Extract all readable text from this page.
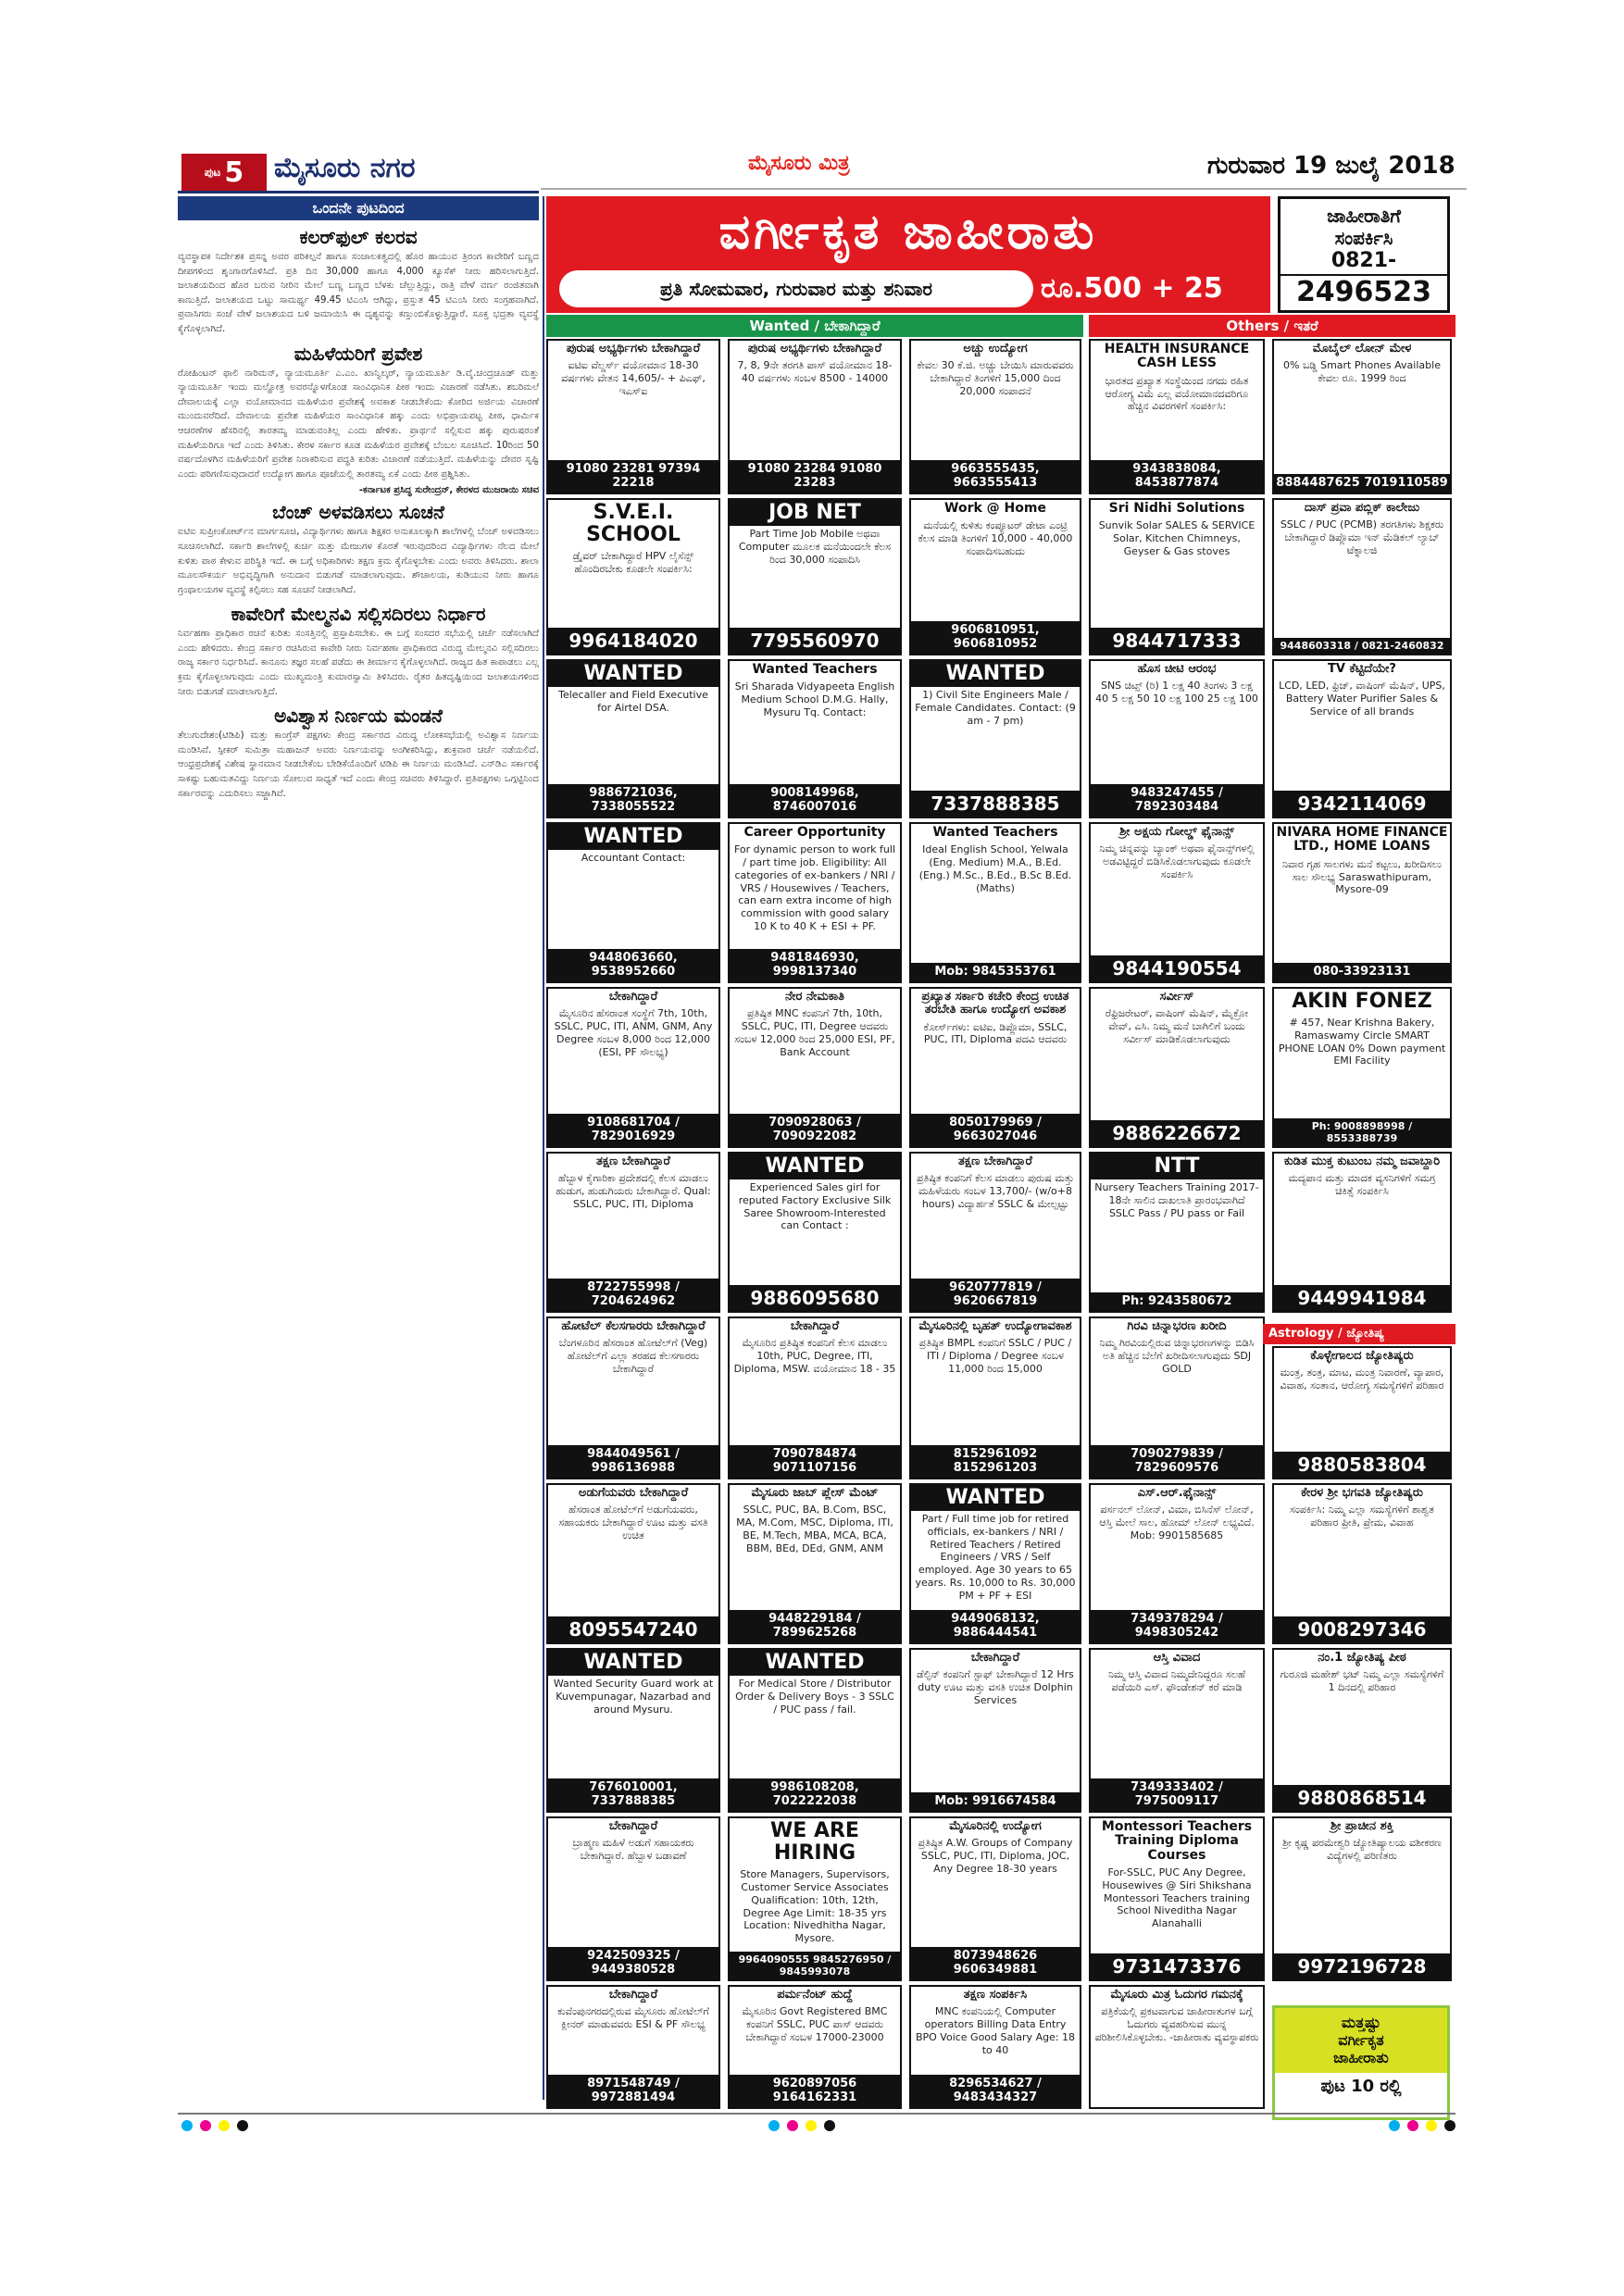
ಪುಟ 5 ಮೈಸೂರು ನಗರ	ಮೈಸೂರು ಮಿತ್ರ	ಗುರುವಾರ 19 ಜುಲೈ 2018
ಒಂದನೇ ಪುಟದಿಂದ
ಕಲರ್‌ಫುಲ್ ಕಲರವ
ವ್ಯವಸ್ಥಾಪಕ ನಿರ್ದೇಶಕ ಪ್ರಸನ್ನ ಅವರ ಪರಿಕಲ್ಪನೆ ಹಾಗೂ ಸಂಚಾಲಕತ್ವದಲ್ಲಿ ಹೊರ ಹಾಯುವ ತ್ರಿರಂಗ ಕಾವೇರಿಗೆ ಬಣ್ಣದ ದೀಪಗಳಿಂದ ಶೃಂಗಾರಗೊಳಿಸಿದೆ. ಪ್ರತಿ ದಿನ 30,000 ಹಾಗೂ 4,000 ಕ್ಯೂಸೆಕ್ ನೀರು ಹರಿಸಲಾಗುತ್ತಿದೆ. ಜಲಾಶಯದಿಂದ ಹೊರ ಬರುವ ನೀರಿನ ಮೇಲೆ ಬಣ್ಣ ಬಣ್ಣದ ಬೆಳಕು ಚೆಲ್ಲುತ್ತಿದ್ದು, ರಾತ್ರಿ ವೇಳೆ ವರ್ಣ ರಂಜಿತವಾಗಿ ಕಾಣುತ್ತಿದೆ. ಜಲಾಶಯದ ಒಟ್ಟು ಸಾಮರ್ಥ್ಯ 49.45 ಟಿಎಂಸಿ ಆಗಿದ್ದು, ಪ್ರಸ್ತುತ 45 ಟಿಎಂಸಿ ನೀರು ಸಂಗ್ರಹವಾಗಿದೆ. ಪ್ರವಾಸಿಗರು ಸಂಜೆ ವೇಳೆ ಜಲಾಶಯದ ಬಳಿ ಜಮಾಯಿಸಿ ಈ ದೃಶ್ಯವನ್ನು ಕಣ್ತುಂಬಿಕೊಳ್ಳುತ್ತಿದ್ದಾರೆ. ಸೂಕ್ತ ಭದ್ರತಾ ವ್ಯವಸ್ಥೆ ಕೈಗೊಳ್ಳಲಾಗಿದೆ.
ಮಹಿಳೆಯರಿಗೆ ಪ್ರವೇಶ
ರೋಹಿಂಟನ್ ಫಾಲಿ ನಾರಿಮನ್, ನ್ಯಾಯಮೂರ್ತಿ ಎ.ಎಂ. ಖಾನ್ವಿಲ್ಕರ್, ನ್ಯಾಯಮೂರ್ತಿ ಡಿ.ವೈ.ಚಂದ್ರಚೂಡ್ ಮತ್ತು ನ್ಯಾಯಮೂರ್ತಿ ಇಂದು ಮಲ್ಹೋತ್ರ ಅವರನ್ನೊಳಗೊಂಡ ಸಾಂವಿಧಾನಿಕ ಪೀಠ ಇಂದು ವಿಚಾರಣೆ ನಡೆಸಿತು. ಶಬರಿಮಲೆ ದೇವಾಲಯಕ್ಕೆ ಎಲ್ಲಾ ವಯೋಮಾನದ ಮಹಿಳೆಯರ ಪ್ರವೇಶಕ್ಕೆ ಅವಕಾಶ ನೀಡಬೇಕೆಂದು ಕೋರಿದ ಅರ್ಜಿಯ ವಿಚಾರಣೆ ಮುಂದುವರೆದಿದೆ. ದೇವಾಲಯ ಪ್ರವೇಶ ಮಹಿಳೆಯರ ಸಾಂವಿಧಾನಿಕ ಹಕ್ಕು ಎಂದು ಅಭಿಪ್ರಾಯಪಟ್ಟ ಪೀಠ, ಧಾರ್ಮಿಕ ಆಚರಣೆಗಳ ಹೆಸರಿನಲ್ಲಿ ತಾರತಮ್ಯ ಮಾಡುವಂತಿಲ್ಲ ಎಂದು ಹೇಳಿತು. ಪ್ರಾರ್ಥನೆ ಸಲ್ಲಿಸುವ ಹಕ್ಕು ಪುರುಷರಂತೆ ಮಹಿಳೆಯರಿಗೂ ಇದೆ ಎಂದು ತಿಳಿಸಿತು. ಕೇರಳ ಸರ್ಕಾರ ಕೂಡ ಮಹಿಳೆಯರ ಪ್ರವೇಶಕ್ಕೆ ಬೆಂಬಲ ಸೂಚಿಸಿದೆ. 10ರಿಂದ 50 ವರ್ಷದೊಳಗಿನ ಮಹಿಳೆಯರಿಗೆ ಪ್ರವೇಶ ನಿರಾಕರಿಸುವ ಪದ್ಧತಿ ಕುರಿತು ವಿಚಾರಣೆ ನಡೆಯುತ್ತಿದೆ. ಮಹಿಳೆಯನ್ನು ದೇವರ ಸೃಷ್ಟಿ ಎಂದು ಪರಿಗಣಿಸುವುದಾದರೆ ಉದ್ಯೋಗ ಹಾಗೂ ಪೂಜೆಯಲ್ಲಿ ತಾರತಮ್ಯ ಏಕೆ ಎಂದು ಪೀಠ ಪ್ರಶ್ನಿಸಿತು.
-ಕರ್ನಾಟಕ ಪ್ರಸಿದ್ಧ ಸುರೇಂದ್ರನ್, ಕೇರಳದ ಮುಜರಾಯಿ ಸಚಿವ
ಬೆಂಚ್ ಅಳವಡಿಸಲು ಸೂಚನೆ
ಐಟಿಐ ಸುಪ್ರೀಂಕೋರ್ಟ್‌ನ ಮಾರ್ಗಸೂಚಿ, ವಿದ್ಯಾರ್ಥಿಗಳು ಹಾಗೂ ಶಿಕ್ಷಕರ ಅನುಕೂಲಕ್ಕಾಗಿ ಶಾಲೆಗಳಲ್ಲಿ ಬೆಂಚ್ ಅಳವಡಿಸಲು ಸೂಚಿಸಲಾಗಿದೆ. ಸರ್ಕಾರಿ ಶಾಲೆಗಳಲ್ಲಿ ಕುರ್ಚಿ ಮತ್ತು ಮೇಜುಗಳ ಕೊರತೆ ಇರುವುದರಿಂದ ವಿದ್ಯಾರ್ಥಿಗಳು ನೆಲದ ಮೇಲೆ ಕುಳಿತು ಪಾಠ ಕೇಳುವ ಪರಿಸ್ಥಿತಿ ಇದೆ. ಈ ಬಗ್ಗೆ ಅಧಿಕಾರಿಗಳು ತಕ್ಷಣ ಕ್ರಮ ಕೈಗೊಳ್ಳಬೇಕು ಎಂದು ಅವರು ತಿಳಿಸಿದರು. ಶಾಲಾ ಮೂಲಸೌಕರ್ಯ ಅಭಿವೃದ್ಧಿಗಾಗಿ ಅನುದಾನ ಬಿಡುಗಡೆ ಮಾಡಲಾಗುವುದು. ಶೌಚಾಲಯ, ಕುಡಿಯುವ ನೀರು ಹಾಗೂ ಗ್ರಂಥಾಲಯಗಳ ವ್ಯವಸ್ಥೆ ಕಲ್ಪಿಸಲು ಸಹ ಸೂಚನೆ ನೀಡಲಾಗಿದೆ.
ಕಾವೇರಿಗೆ ಮೇಲ್ಮನವಿ ಸಲ್ಲಿಸದಿರಲು ನಿರ್ಧಾರ
ನಿರ್ವಹಣಾ ಪ್ರಾಧಿಕಾರ ರಚನೆ ಕುರಿತು ಸಂಸತ್ತಿನಲ್ಲಿ ಪ್ರಸ್ತಾಪಿಸಬೇಕು. ಈ ಬಗ್ಗೆ ಸಂಸದರ ಸಭೆಯಲ್ಲಿ ಚರ್ಚೆ ನಡೆಸಲಾಗಿದೆ ಎಂದು ಹೇಳಿದರು. ಕೇಂದ್ರ ಸರ್ಕಾರ ರಚಿಸಿರುವ ಕಾವೇರಿ ನೀರು ನಿರ್ವಹಣಾ ಪ್ರಾಧಿಕಾರದ ವಿರುದ್ಧ ಮೇಲ್ಮನವಿ ಸಲ್ಲಿಸದಿರಲು ರಾಜ್ಯ ಸರ್ಕಾರ ನಿರ್ಧರಿಸಿದೆ. ಕಾನೂನು ತಜ್ಞರ ಸಲಹೆ ಪಡೆದು ಈ ತೀರ್ಮಾನ ಕೈಗೊಳ್ಳಲಾಗಿದೆ. ರಾಜ್ಯದ ಹಿತ ಕಾಪಾಡಲು ಎಲ್ಲ ಕ್ರಮ ಕೈಗೊಳ್ಳಲಾಗುವುದು ಎಂದು ಮುಖ್ಯಮಂತ್ರಿ ಕುಮಾರಸ್ವಾಮಿ ತಿಳಿಸಿದರು. ರೈತರ ಹಿತದೃಷ್ಟಿಯಿಂದ ಜಲಾಶಯಗಳಿಂದ ನೀರು ಬಿಡುಗಡೆ ಮಾಡಲಾಗುತ್ತಿದೆ.
ಅವಿಶ್ವಾಸ ನಿರ್ಣಯ ಮಂಡನೆ
ತೆಲುಗುದೇಶಂ(ಟಿಡಿಪಿ) ಮತ್ತು ಕಾಂಗ್ರೆಸ್ ಪಕ್ಷಗಳು ಕೇಂದ್ರ ಸರ್ಕಾರದ ವಿರುದ್ಧ ಲೋಕಸಭೆಯಲ್ಲಿ ಅವಿಶ್ವಾಸ ನಿರ್ಣಯ ಮಂಡಿಸಿವೆ. ಸ್ಪೀಕರ್ ಸುಮಿತ್ರಾ ಮಹಾಜನ್ ಅವರು ನಿರ್ಣಯವನ್ನು ಅಂಗೀಕರಿಸಿದ್ದು, ಶುಕ್ರವಾರ ಚರ್ಚೆ ನಡೆಯಲಿದೆ. ಆಂಧ್ರಪ್ರದೇಶಕ್ಕೆ ವಿಶೇಷ ಸ್ಥಾನಮಾನ ನೀಡಬೇಕೆಂಬ ಬೇಡಿಕೆಯೊಂದಿಗೆ ಟಿಡಿಪಿ ಈ ನಿರ್ಣಯ ಮಂಡಿಸಿದೆ. ಎನ್‌ಡಿಎ ಸರ್ಕಾರಕ್ಕೆ ಸಾಕಷ್ಟು ಬಹುಮತವಿದ್ದು ನಿರ್ಣಯ ಸೋಲುವ ಸಾಧ್ಯತೆ ಇದೆ ಎಂದು ಕೇಂದ್ರ ಸಚಿವರು ತಿಳಿಸಿದ್ದಾರೆ. ಪ್ರತಿಪಕ್ಷಗಳು ಒಗ್ಗಟ್ಟಿನಿಂದ ಸರ್ಕಾರವನ್ನು ಎದುರಿಸಲು ಸಜ್ಜಾಗಿವೆ.
ವರ್ಗೀಕೃತ ಜಾಹೀರಾತು
ಪ್ರತಿ ಸೋಮವಾರ, ಗುರುವಾರ ಮತ್ತು ಶನಿವಾರ	ರೂ.500 + 25
ಜಾಹೀರಾತಿಗೆ
ಸಂಪರ್ಕಿಸಿ
0821-
2496523
Wanted / ಬೇಕಾಗಿದ್ದಾರೆ	Others / ಇತರೆ
ಪುರುಷ ಅಭ್ಯರ್ಥಿಗಳು ಬೇಕಾಗಿದ್ದಾರೆ
ಐಟಿಐ ವೆಲ್ಡರ್ಸ್ ವಯೋಮಾನ 18-30 ವರ್ಷಗಳು ವೇತನ 14,605/- + ಪಿಎಫ್, ಇಎಸ್‌ಐ
91080 23281 97394 22218
ಪುರುಷ ಅಭ್ಯರ್ಥಿಗಳು ಬೇಕಾಗಿದ್ದಾರೆ
7, 8, 9ನೇ ತರಗತಿ ಪಾಸ್ ವಯೋಮಾನ 18-40 ವರ್ಷಗಳು ಸಂಬಳ 8500 - 14000
91080 23284 91080 23283
ಅಚ್ಚು ಉದ್ಯೋಗ
ಕೇವಲ 30 ಕೆ.ಜಿ. ಅಚ್ಚು ಬೇಯಿಸಿ ಮಾರುವವರು ಬೇಕಾಗಿದ್ದಾರೆ ತಿಂಗಳಿಗೆ 15,000 ದಿಂದ 20,000 ಸಂಪಾದನೆ
9663555435, 9663555413
HEALTH INSURANCE CASH LESS
ಭಾರತದ ಪ್ರಖ್ಯಾತ ಸಂಸ್ಥೆಯಿಂದ ನಗದು ರಹಿತ ಆರೋಗ್ಯ ವಿಮೆ ಎಲ್ಲ ವಯೋಮಾನದವರಿಗೂ ಹೆಚ್ಚಿನ ವಿವರಗಳಿಗೆ ಸಂಪರ್ಕಿಸಿ:
9343838084, 8453877874
ಮೊಬೈಲ್ ಲೋನ್ ಮೇಳ
0% ಬಡ್ಡಿ Smart Phones Available ಕೇವಲ ರೂ. 1999 ರಿಂದ
8884487625 7019110589
S.V.E.I. SCHOOL
ಡ್ರೈವರ್ ಬೇಕಾಗಿದ್ದಾರೆ HPV ಲೈಸೆನ್ಸ್ ಹೊಂದಿರಬೇಕು ಕೂಡಲೇ ಸಂಪರ್ಕಿಸಿ:
9964184020
JOB NET
Part Time Job Mobile ಅಥವಾ Computer ಮೂಲಕ ಮನೆಯಿಂದಲೇ ಕೆಲಸ ರಿಂದ 30,000 ಸಂಪಾದಿಸಿ
7795560970
Work @ Home
ಮನೆಯಲ್ಲಿ ಕುಳಿತು ಕಂಪ್ಯೂಟರ್ ಡೇಟಾ ಎಂಟ್ರಿ ಕೆಲಸ ಮಾಡಿ ತಿಂಗಳಿಗೆ 10,000 - 40,000 ಸಂಪಾದಿಸಬಹುದು
9606810951, 9606810952
Sri Nidhi Solutions
Sunvik Solar SALES & SERVICE Solar, Kitchen Chimneys, Geyser & Gas stoves
9844717333
ದಾಸ್ ಪ್ರವಾ ಪಬ್ಲಿಕ್ ಕಾಲೇಜು
SSLC / PUC (PCMB) ತರಗತಿಗಳು ಶಿಕ್ಷಕರು ಬೇಕಾಗಿದ್ದಾರೆ ಡಿಪ್ಲೊಮಾ ಇನ್ ಮೆಡಿಕಲ್ ಲ್ಯಾಬ್ ಟೆಕ್ನಾಲಜಿ
9448603318 / 0821-2460832
WANTED
Telecaller and Field Executive for Airtel DSA.
9886721036, 7338055522
Wanted Teachers
Sri Sharada Vidyapeeta English Medium School D.M.G. Hally, Mysuru Tq. Contact:
9008149968, 8746007016
WANTED
1) Civil Site Engineers Male / Female Candidates. Contact: (9 am - 7 pm)
7337888385
ಹೊಸ ಚೀಟಿ ಆರಂಭ
SNS ಚಿಟ್ಸ್ (ರಿ) 1 ಲಕ್ಷ 40 ತಿಂಗಳು 3 ಲಕ್ಷ 40 5 ಲಕ್ಷ 50 10 ಲಕ್ಷ 100 25 ಲಕ್ಷ 100
9483247455 / 7892303484
TV ಕೆಟ್ಟಿದೆಯೇ?
LCD, LED, ಫ್ರಿಜ್, ವಾಷಿಂಗ್ ಮೆಷಿನ್, UPS, Battery Water Purifier Sales & Service of all brands
9342114069
WANTED
Accountant Contact:
9448063660, 9538952660
Career Opportunity
For dynamic person to work full / part time job. Eligibility: All categories of ex-bankers / NRI / VRS / Housewives / Teachers, can earn extra income of high commission with good salary 10 K to 40 K + ESI + PF.
9481846930, 9998137340
Wanted Teachers
Ideal English School, Yelwala (Eng. Medium) M.A., B.Ed. (Eng.) M.Sc., B.Ed., B.Sc B.Ed. (Maths)
Mob: 9845353761
ಶ್ರೀ ಅಕ್ಷಯ ಗೋಲ್ಡ್ ಫೈನಾನ್ಸ್
ನಿಮ್ಮ ಚಿನ್ನವನ್ನು ಬ್ಯಾಂಕ್ ಅಥವಾ ಫೈನಾನ್ಸ್‌ಗಳಲ್ಲಿ ಅಡವಿಟ್ಟಿದ್ದರೆ ಬಿಡಿಸಿಕೊಡಲಾಗುವುದು ಕೂಡಲೇ ಸಂಪರ್ಕಿಸಿ
9844190554
NIVARA HOME FINANCE LTD., HOME LOANS
ನಿವಾರ ಗೃಹ ಸಾಲಗಳು ಮನೆ ಕಟ್ಟಲು, ಖರೀದಿಸಲು ಸಾಲ ಸೌಲಭ್ಯ Saraswathipuram, Mysore-09
080-33923131
ಬೇಕಾಗಿದ್ದಾರೆ
ಮೈಸೂರಿನ ಹೆಸರಾಂತ ಸಂಸ್ಥೆಗೆ 7th, 10th, SSLC, PUC, ITI, ANM, GNM, Any Degree ಸಂಬಳ 8,000 ರಿಂದ 12,000 (ESI, PF ಸೌಲಭ್ಯ)
9108681704 / 7829016929
ನೇರ ನೇಮಕಾತಿ
ಪ್ರತಿಷ್ಠಿತ MNC ಕಂಪನಿಗೆ 7th, 10th, SSLC, PUC, ITI, Degree ಆದವರು ಸಂಬಳ 12,000 ರಿಂದ 25,000 ESI, PF, Bank Account
7090928063 / 7090922082
ಪ್ರಖ್ಯಾತ ಸರ್ಕಾರಿ ಕಚೇರಿ ಕೇಂದ್ರ ಉಚಿತ ತರಬೇತಿ ಹಾಗೂ ಉದ್ಯೋಗ ಅವಕಾಶ
ಕೋರ್ಸ್‌ಗಳು: ಐಟಿಐ, ಡಿಪ್ಲೊಮಾ, SSLC, PUC, ITI, Diploma ಪದವಿ ಆದವರು
8050179969 / 9663027046
ಸರ್ವೀಸ್
ರೆಫ್ರಿಜರೇಟರ್, ವಾಷಿಂಗ್ ಮೆಷಿನ್, ಮೈಕ್ರೋ ವೇವ್, ಎಸಿ. ನಿಮ್ಮ ಮನೆ ಬಾಗಿಲಿಗೆ ಬಂದು ಸರ್ವೀಸ್ ಮಾಡಿಕೊಡಲಾಗುವುದು
9886226672
AKIN FONEZ
# 457, Near Krishna Bakery, Ramaswamy Circle SMART PHONE LOAN 0% Down payment EMI Facility
Ph: 9008898998 / 8553388739
ತಕ್ಷಣ ಬೇಕಾಗಿದ್ದಾರೆ
ಹೆಬ್ಬಾಳ ಕೈಗಾರಿಕಾ ಪ್ರದೇಶದಲ್ಲಿ ಕೆಲಸ ಮಾಡಲು ಹುಡುಗ, ಹುಡುಗಿಯರು ಬೇಕಾಗಿದ್ದಾರೆ. Qual: SSLC, PUC, ITI, Diploma
8722755998 / 7204624962
WANTED
Experienced Sales girl for reputed Factory Exclusive Silk Saree Showroom-Interested can Contact :
9886095680
ತಕ್ಷಣ ಬೇಕಾಗಿದ್ದಾರೆ
ಪ್ರತಿಷ್ಠಿತ ಕಂಪನಿಗೆ ಕೆಲಸ ಮಾಡಲು ಪುರುಷ ಮತ್ತು ಮಹಿಳೆಯರು ಸಂಬಳ 13,700/- (w/o+8 hours) ವಿದ್ಯಾರ್ಹತೆ SSLC & ಮೇಲ್ಪಟ್ಟು
9620777819 / 9620667819
NTT
Nursery Teachers Training 2017-18ನೇ ಸಾಲಿನ ದಾಖಲಾತಿ ಪ್ರಾರಂಭವಾಗಿದೆ SSLC Pass / PU pass or Fail
Ph: 9243580672
ಕುಡಿತ ಮುಕ್ತ ಕುಟುಂಬ ನಮ್ಮ ಜವಾಬ್ದಾರಿ
ಮದ್ಯಪಾನ ಮತ್ತು ಮಾದಕ ವ್ಯಸನಿಗಳಿಗೆ ಸಮಗ್ರ ಚಿಕಿತ್ಸೆ ಸಂಪರ್ಕಿಸಿ
9449941984
ಹೋಟೆಲ್ ಕೆಲಸಗಾರರು ಬೇಕಾಗಿದ್ದಾರೆ
ಬೆಂಗಳೂರಿನ ಹೆಸರಾಂತ ಹೋಟೆಲ್‌ಗೆ (Veg) ಹೋಟೆಲ್‌ಗೆ ಎಲ್ಲಾ ತರಹದ ಕೆಲಸಗಾರರು ಬೇಕಾಗಿದ್ದಾರೆ
9844049561 / 9986136988
ಬೇಕಾಗಿದ್ದಾರೆ
ಮೈಸೂರಿನ ಪ್ರತಿಷ್ಠಿತ ಕಂಪನಿಗೆ ಕೆಲಸ ಮಾಡಲು 10th, PUC, Degree, ITI, Diploma, MSW. ವಯೋಮಾನ 18 - 35
7090784874 9071107156
ಮೈಸೂರಿನಲ್ಲಿ ಬೃಹತ್ ಉದ್ಯೋಗಾವಕಾಶ
ಪ್ರತಿಷ್ಠಿತ BMPL ಕಂಪನಿಗೆ SSLC / PUC / ITI / Diploma / Degree ಸಂಬಳ 11,000 ರಿಂದ 15,000
8152961092 8152961203
ಗಿರವಿ ಚಿನ್ನಾಭರಣ ಖರೀದಿ
ನಿಮ್ಮ ಗಿರವಿಯಲ್ಲಿರುವ ಚಿನ್ನಾಭರಣಗಳನ್ನು ಬಿಡಿಸಿ ಅತಿ ಹೆಚ್ಚಿನ ಬೆಲೆಗೆ ಖರೀದಿಸಲಾಗುವುದು SDJ GOLD
7090279839 / 7829609576
ಕೊಳ್ಳೇಗಾಲದ ಜ್ಯೋತಿಷ್ಯರು
ಮಂತ್ರ, ತಂತ್ರ, ಮಾಟ, ಮಂತ್ರ ನಿವಾರಣೆ, ವ್ಯಾಪಾರ, ವಿವಾಹ, ಸಂತಾನ, ಆರೋಗ್ಯ ಸಮಸ್ಯೆಗಳಿಗೆ ಪರಿಹಾರ
9880583804
ಅಡುಗೆಯವರು ಬೇಕಾಗಿದ್ದಾರೆ
ಹೆಸರಾಂತ ಹೋಟೆಲ್‌ಗೆ ಅಡುಗೆಯವರು, ಸಹಾಯಕರು ಬೇಕಾಗಿದ್ದಾರೆ ಊಟ ಮತ್ತು ವಸತಿ ಉಚಿತ
8095547240
ಮೈಸೂರು ಜಾಬ್ ಪ್ಲೇಸ್ ಮೆಂಟ್
SSLC, PUC, BA, B.Com, BSC, MA, M.Com, MSC, Diploma, ITI, BE, M.Tech, MBA, MCA, BCA, BBM, BEd, DEd, GNM, ANM
9448229184 / 7899625268
WANTED
Part / Full time job for retired officials, ex-bankers / NRI / Retired Teachers / Retired Engineers / VRS / Self employed. Age 30 years to 65 years. Rs. 10,000 to Rs. 30,000 PM + PF + ESI
9449068132, 9886444541
ಎಸ್.ಆರ್.ಫೈನಾನ್ಸ್
ಪರ್ಸನಲ್ ಲೋನ್, ವಿಮಾ, ಬಿಸಿನೆಸ್ ಲೋನ್, ಆಸ್ತಿ ಮೇಲೆ ಸಾಲ, ಹೋಮ್ ಲೋನ್ ಲಭ್ಯವಿದೆ. Mob: 9901585685
7349378294 / 9498305242
ಕೇರಳ ಶ್ರೀ ಭಗವತಿ ಜ್ಯೋತಿಷ್ಯರು
ಸಂಪರ್ಕಿಸಿ: ನಿಮ್ಮ ಎಲ್ಲಾ ಸಮಸ್ಯೆಗಳಿಗೆ ಶಾಶ್ವತ ಪರಿಹಾರ ಪ್ರೀತಿ, ಪ್ರೇಮ, ವಿವಾಹ
9008297346
WANTED
Wanted Security Guard work at Kuvempunagar, Nazarbad and around Mysuru.
7676010001, 7337888385
WANTED
For Medical Store / Distributor Order & Delivery Boys - 3 SSLC / PUC pass / fail.
9986108208, 7022222038
ಬೇಕಾಗಿದ್ದಾರೆ
ಡೆಲ್ಫಿನ್ ಕಂಪನಿಗೆ ಸ್ಟಾಫ್ ಬೇಕಾಗಿದ್ದಾರೆ 12 Hrs duty ಊಟ ಮತ್ತು ವಸತಿ ಉಚಿತ Dolphin Services
Mob: 9916674584
ಆಸ್ತಿ ವಿವಾದ
ನಿಮ್ಮ ಆಸ್ತಿ ವಿವಾದ ನಿಮ್ಮದೇನಿದ್ದರೂ ಸಲಹೆ ಪಡೆಯಿರಿ ಎಸ್. ಫೌಂಡೇಶನ್ ಕರೆ ಮಾಡಿ
7349333402 / 7975009117
ನಂ.1 ಜ್ಯೋತಿಷ್ಯ ಪೀಠ
ಗುರೂಜಿ ಮಹೇಶ್ ಭಟ್ ನಿಮ್ಮ ಎಲ್ಲಾ ಸಮಸ್ಯೆಗಳಿಗೆ 1 ದಿನದಲ್ಲಿ ಪರಿಹಾರ
9880868514
ಬೇಕಾಗಿದ್ದಾರೆ
ಬ್ರಾಹ್ಮಣ ಮಹಿಳೆ ಅಡುಗೆ ಸಹಾಯಕರು ಬೇಕಾಗಿದ್ದಾರೆ. ಹೆಬ್ಬಾಳ ಬಡಾವಣೆ
9242509325 / 9449380528
WE ARE HIRING
Store Managers, Supervisors, Customer Service Associates Qualification: 10th, 12th, Degree Age Limit: 18-35 yrs Location: Nivedhitha Nagar, Mysore.
9964090555 9845276950 / 9845993078
ಮೈಸೂರಿನಲ್ಲಿ ಉದ್ಯೋಗ
ಪ್ರತಿಷ್ಠಿತ A.W. Groups of Company SSLC, PUC, ITI, Diploma, JOC, Any Degree 18-30 years
8073948626 9606349881
Montessori Teachers Training Diploma Courses
For-SSLC, PUC Any Degree, Housewives @ Siri Shikshana Montessori Teachers training School Niveditha Nagar Alanahalli
9731473376
ಶ್ರೀ ಪ್ರಾಚೀನ ಶಕ್ತಿ
ಶ್ರೀ ಕೃಷ್ಣ ಪರಮೇಶ್ವರಿ ಜ್ಯೋತಿಷ್ಯಾಲಯ ವಶೀಕರಣ ವಿದ್ಯೆಗಳಲ್ಲಿ ಪರಿಣಿತರು
9972196728
ಬೇಕಾಗಿದ್ದಾರೆ
ಕುವೆಂಪುನಗರದಲ್ಲಿರುವ ಮೈಸೂರು ಹೋಟೆಲ್‌ಗೆ ಕ್ಲೀನರ್ ಮಾಡುವವರು ESI & PF ಸೌಲಭ್ಯ
8971548749 / 9972881494
ಪರ್ಮನೆಂಟ್ ಹುದ್ದೆ
ಮೈಸೂರಿನ Govt Registered BMC ಕಂಪನಿಗೆ SSLC, PUC ಪಾಸ್ ಆದವರು ಬೇಕಾಗಿದ್ದಾರೆ ಸಂಬಳ 17000-23000
9620897056 9164162331
ತಕ್ಷಣ ಸಂಪರ್ಕಿಸಿ
MNC ಕಂಪನಿಯಲ್ಲಿ Computer operators Billing Data Entry BPO Voice Good Salary Age: 18 to 40
8296534627 / 9483434327
ಮೈಸೂರು ಮಿತ್ರ ಓದುಗರ ಗಮನಕ್ಕೆ
ಪತ್ರಿಕೆಯಲ್ಲಿ ಪ್ರಕಟವಾಗುವ ಜಾಹೀರಾತುಗಳ ಬಗ್ಗೆ ಓದುಗರು ವ್ಯವಹರಿಸುವ ಮುನ್ನ ಪರಿಶೀಲಿಸಿಕೊಳ್ಳಬೇಕು. -ಜಾಹೀರಾತು ವ್ಯವಸ್ಥಾಪಕರು
Astrology / ಜ್ಯೋತಿಷ್ಯ
ಮತ್ತಷ್ಟು
ವರ್ಗೀಕೃತ
ಜಾಹೀರಾತು
ಪುಟ 10 ರಲ್ಲಿ
